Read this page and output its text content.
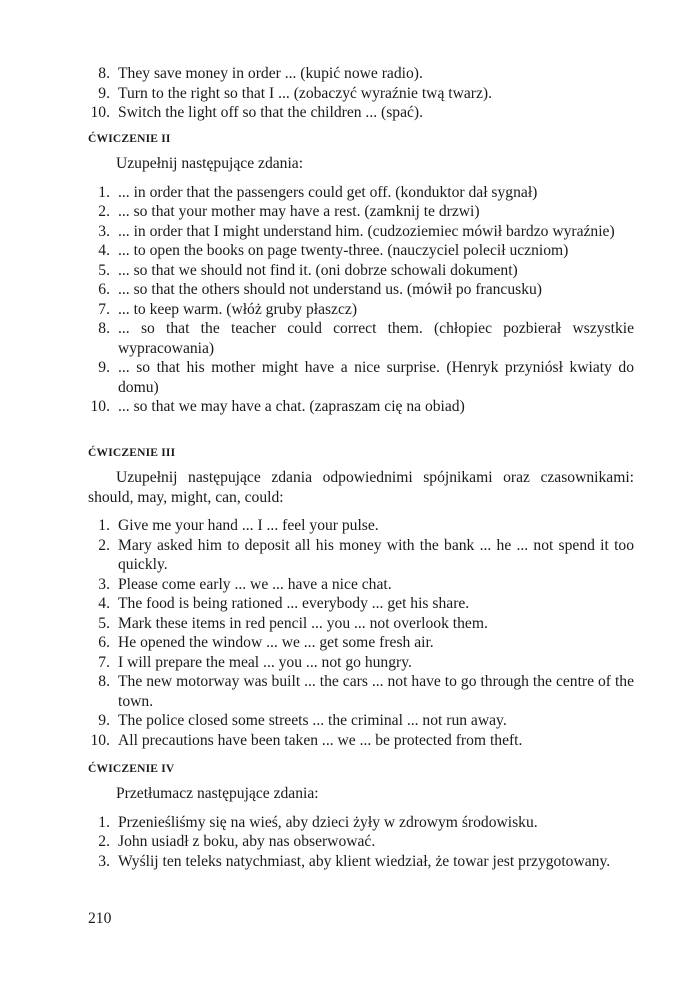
8. They save money in order ... (kupić nowe radio).
9. Turn to the right so that I ... (zobaczyć wyraźnie twą twarz).
10. Switch the light off so that the children ... (spać).
ĆWICZENIE II
Uzupełnij następujące zdania:
1. ... in order that the passengers could get off. (konduktor dał sygnał)
2. ... so that your mother may have a rest. (zamknij te drzwi)
3. ... in order that I might understand him. (cudzoziemiec mówił bardzo wyraźnie)
4. ... to open the books on page twenty-three. (nauczyciel polecił uczniom)
5. ... so that we should not find it. (oni dobrze schowali dokument)
6. ... so that the others should not understand us. (mówił po francusku)
7. ... to keep warm. (włóż gruby płaszcz)
8. ... so that the teacher could correct them. (chłopiec pozbierał wszystkie wypracowania)
9. ... so that his mother might have a nice surprise. (Henryk przyniósł kwiaty do domu)
10. ... so that we may have a chat. (zapraszam cię na obiad)
ĆWICZENIE III
Uzupełnij następujące zdania odpowiednimi spójnikami oraz czasownikami: should, may, might, can, could:
1. Give me your hand ... I ... feel your pulse.
2. Mary asked him to deposit all his money with the bank ... he ... not spend it too quickly.
3. Please come early ... we ... have a nice chat.
4. The food is being rationed ... everybody ... get his share.
5. Mark these items in red pencil ... you ... not overlook them.
6. He opened the window ... we ... get some fresh air.
7. I will prepare the meal ... you ... not go hungry.
8. The new motorway was built ... the cars ... not have to go through the centre of the town.
9. The police closed some streets ... the criminal ... not run away.
10. All precautions have been taken ... we ... be protected from theft.
ĆWICZENIE IV
Przetłumacz następujące zdania:
1. Przenieśliśmy się na wieś, aby dzieci żyły w zdrowym środowisku.
2. John usiadł z boku, aby nas obserwować.
3. Wyślij ten teleks natychmiast, aby klient wiedział, że towar jest przygotowany.
210
